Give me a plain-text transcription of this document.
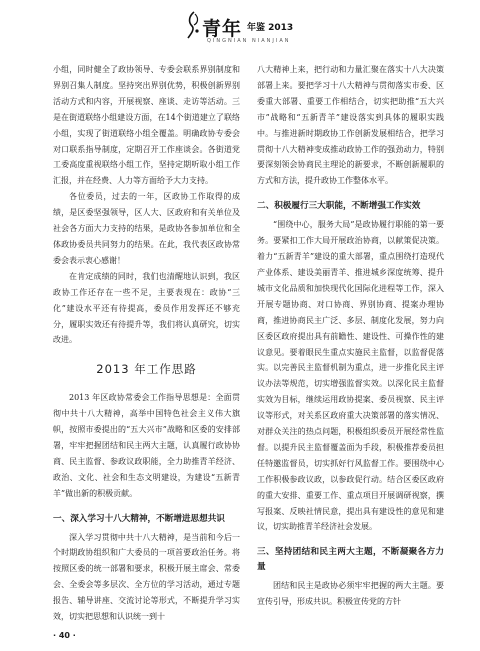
青年 年鉴 2013
QINGNIAN NIANJIAN

小组，同时健全了政协领导、专委会联系界别制度和界别召集人制度。坚持突出界别优势，积极创新界别活动方式和内容，开展视察、座谈、走访等活动。三是在街道联络小组建设方面，在14个街道建立了联络小组，实现了街道联络小组全覆盖。明确政协专委会对口联系指导制度，定期召开工作座谈会。各街道党工委高度重视联络小组工作，坚持定期听取小组工作汇报，并在经费、人力等方面给予大力支持。

各位委员，过去的一年，区政协工作取得的成绩，是区委坚强领导，区人大、区政府和有关单位及社会各方面大力支持的结果，是政协各参加单位和全体政协委员共同努力的结果。在此，我代表区政协常委会表示衷心感谢！

在肯定成绩的同时，我们也清醒地认识到，我区政协工作还存在一些不足，主要表现在：政协“三化”建设水平还有待提高，委员作用发挥还不够充分，履职实效还有待提升等，我们将认真研究，切实改进。

2013 年工作思路

2013 年区政协常委会工作指导思想是：全面贯彻中共十八大精神，高举中国特色社会主义伟大旗帜，按照市委提出的“五大兴市”战略和区委的安排部署，牢牢把握团结和民主两大主题，认真履行政协协商、民主监督、参政议政职能，全力助推青羊经济、政治、文化、社会和生态文明建设，为建设“五新青羊”做出新的积极贡献。

一、深入学习十八大精神，不断增进思想共识

深入学习贯彻中共十八大精神，是当前和今后一个时期政协组织和广大委员的一项首要政治任务。将按照区委的统一部署和要求，积极开展主席会、常委会、全委会等多层次、全方位的学习活动，通过专题报告、辅导讲座、交流讨论等形式，不断提升学习实效，切实把思想和认识统一到十

八大精神上来，把行动和力量汇聚在落实十八大决策部署上来。要把学习十八大精神与贯彻落实市委、区委重大部署、重要工作相结合，切实把助推“五大兴市”战略和“五新青羊”建设落实到具体的履职实践中。与推进新时期政协工作创新发展相结合，把学习贯彻十八大精神变成推动政协工作的强劲动力，特别要深刻领会协商民主理论的新要求，不断创新履职的方式和方法，提升政协工作整体水平。

二、积极履行三大职能，不断增强工作实效

“围绕中心，服务大局”是政协履行职能的第一要务。要紧扣工作大局开展政治协商，以献策促决策。着力“五新青羊”建设的重大部署，重点围绕打造现代产业体系、建设美丽青羊、推进城乡深度统筹、提升城市文化品质和加快现代化国际化进程等工作，深入开展专题协商、对口协商、界别协商、提案办理协商，推进协商民主广泛、多层、制度化发展，努力向区委区政府提出具有前瞻性、建设性、可操作性的建议意见。要着眼民生重点实施民主监督，以监督促落实。以完善民主监督机制为重点，进一步推化民主评议办法等规范，切实增强监督实效。以深化民主监督实效为目标，继续运用政协提案、委员视察、民主评议等形式，对关系区政府重大决策部署的落实情况、对群众关注的热点问题，积极组织委员开展经常性监督。以提升民主监督覆盖面为手段，积极推荐委员担任特邀监督员，切实抓好行风监督工作。要围绕中心工作积极参政议政，以参政促行动。结合区委区政府的重大安排、重要工作、重点项目开展调研视察，撰写报案、反映社情民意，提出具有建设性的意见和建议，切实助推青羊经济社会发展。

三、坚持团结和民主两大主题，不断凝聚各方力量

团结和民主是政协必须牢牢把握的两大主题。要宣传引导，形成共识。积极宣传党的方针

· 40 ·
